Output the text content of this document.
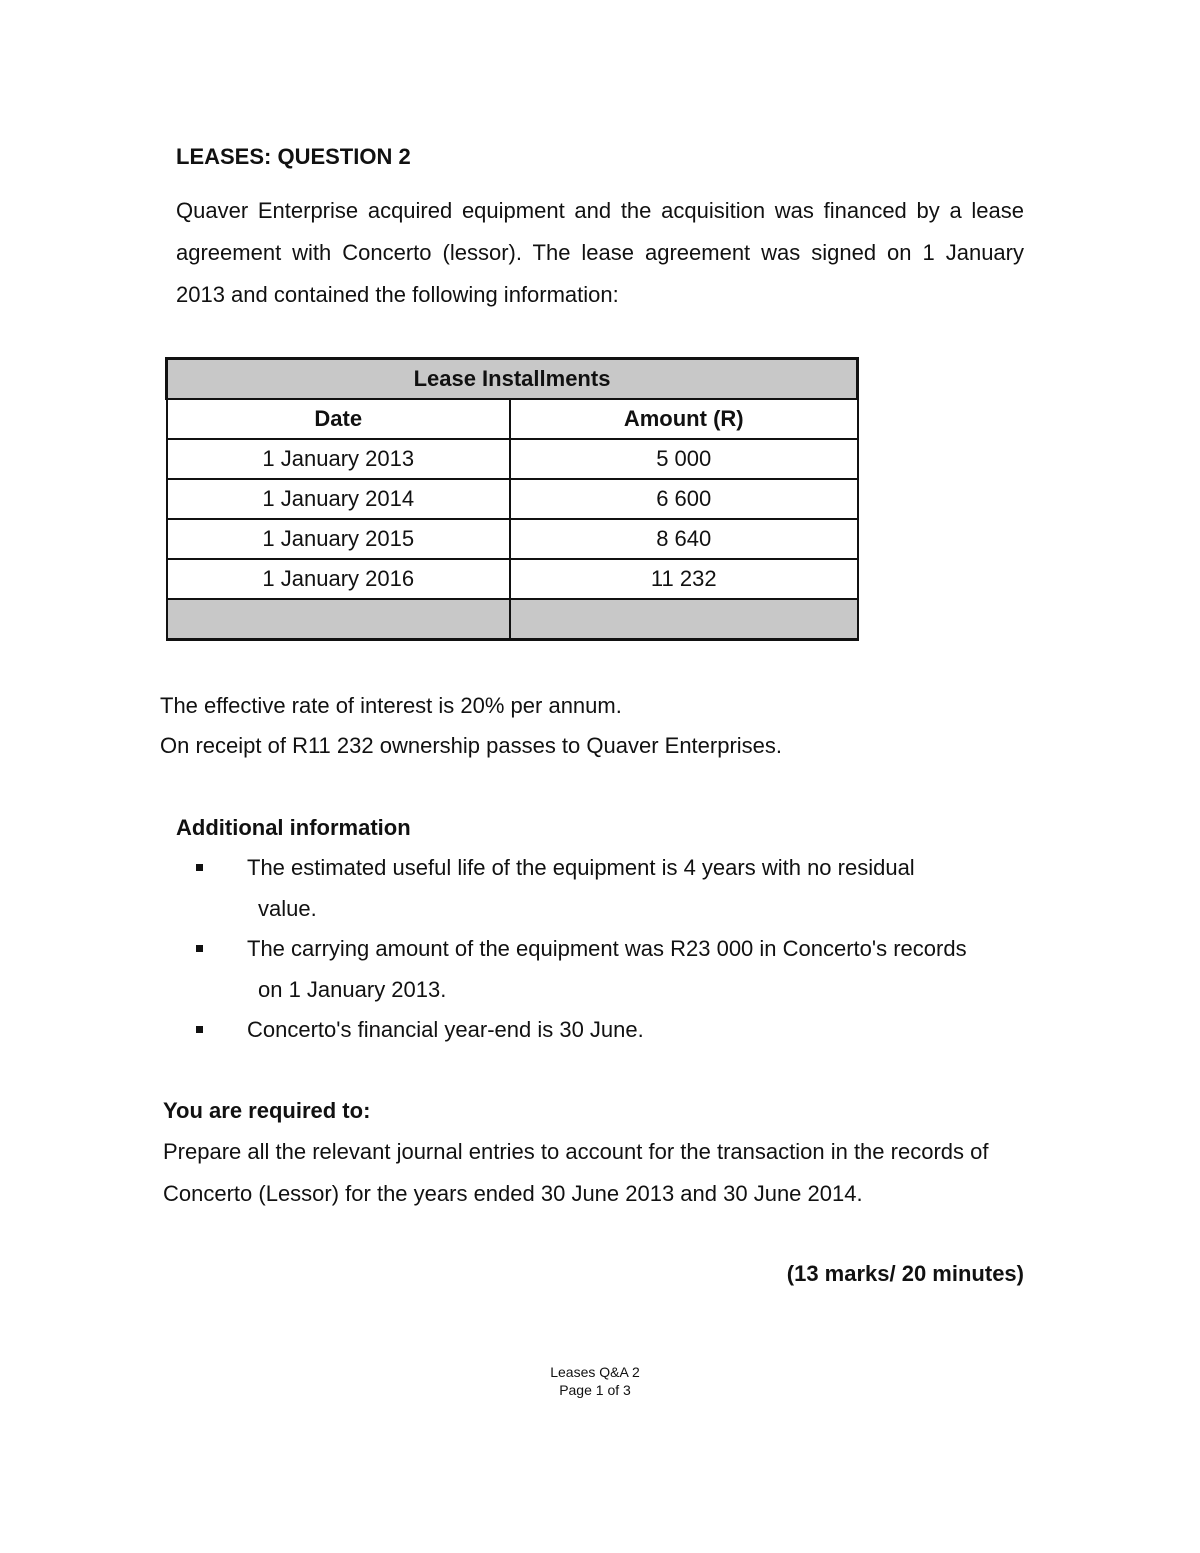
LEASES: QUESTION 2
Quaver Enterprise acquired equipment and the acquisition was financed by a lease agreement with Concerto (lessor). The lease agreement was signed on 1 January 2013 and contained the following information:
Lease Installments	
Date	Amount (R)
1 January 2013	5 000
1 January 2014	6 600
1 January 2015	8 640
1 January 2016	11 232

The effective rate of interest is 20% per annum.
On receipt of R11 232 ownership passes to Quaver Enterprises.
Additional information
The estimated useful life of the equipment is 4 years with no residual
value.
The carrying amount of the equipment was R23 000 in Concerto's records
on 1 January 2013.
Concerto's financial year-end is 30 June.
You are required to:
Prepare all the relevant journal entries to account for the transaction in the records of Concerto (Lessor) for the years ended 30 June 2013 and 30 June 2014.
(13 marks/ 20 minutes)
Leases Q&A 2
Page 1 of 3
